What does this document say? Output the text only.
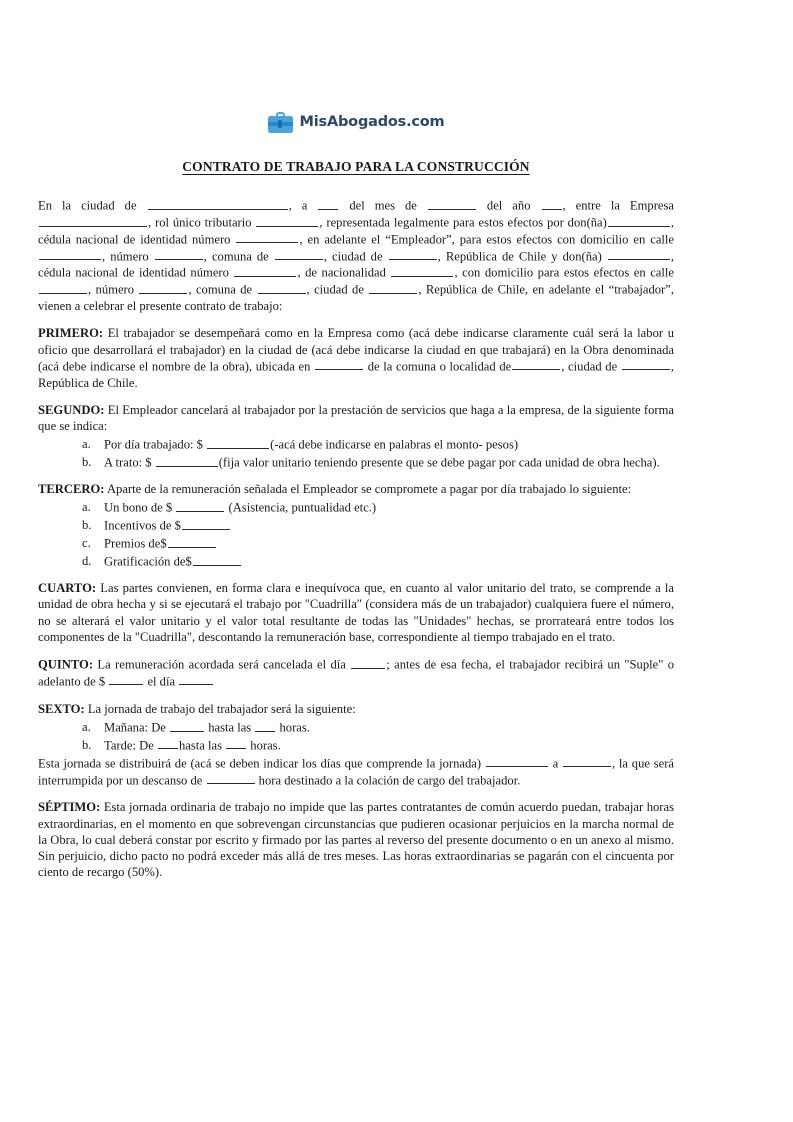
MisAbogados.com
CONTRATO DE TRABAJO PARA LA CONSTRUCCIÓN

En la ciudad de	, a  del mes de	del año , entre la Empresa , rol único tributario	, representada legalmente para estos efectos por don(ña)	, cédula nacional de identidad número	, en adelante el “Empleador”, para estos efectos con domicilio en calle, número	, comuna de	, ciudad de	, República de Chile y don(ña)	, cédula nacional de identidad número	, de nacionalidad	, con domicilio para estos efectos en calle , número	, comuna de	, ciudad de	, República de Chile, en adelante el “trabajador”, vienen a celebrar el presente contrato de trabajo:

PRIMERO: El trabajador se desempeñará como en la Empresa como (acá debe indicarse claramente cuál será la labor u oficio que desarrollará el trabajador) en la ciudad de (acá debe indicarse la ciudad en que trabajará) en la Obra denominada (acá debe indicarse el nombre de la obra), ubicada en	de la comuna o localidad de	, ciudad de	, República de Chile.

SEGUNDO: El Empleador cancelará al trabajador por la prestación de servicios que haga a la empresa, de la siguiente forma que se indica:

a.	Por día trabajado: $	(-acá debe indicarse en palabras el monto- pesos)
b. A trato: $	(fija valor unitario teniendo presente que se debe pagar por cada unidad de obra hecha).

TERCERO: Aparte de la remuneración señalada el Empleador se compromete a pagar por día trabajado lo siguiente:

a.	Un bono de $	(Asistencia, puntualidad etc.)
b. Incentivos de $
c.	Premios de$
d. Gratificación de$

CUARTO: Las partes convienen, en forma clara e inequívoca que, en cuanto al valor unitario del trato, se comprende a la unidad de obra hecha y si se ejecutará el trabajo por "Cuadrilla" (considera más de un trabajador) cualquiera fuere el número, no se alterará el valor unitario y el valor total resultante de todas las "Unidades" hechas, se prorrateará entre todos los componentes de la "Cuadrilla", descontando la remuneración base, correspondiente al tiempo trabajado en el trato.

QUINTO: La remuneración acordada será cancelada el día	; antes de esa fecha, el trabajador recibirá un "Suple" o adelanto de $	el día

SEXTO: La jornada de trabajo del trabajador será la siguiente:

a.	Mañana: De	hasta las  horas.
b. Tarde: De hasta las  horas.

Esta jornada se distribuirá de (acá se deben indicar los días que comprende la jornada)	a	, la que será interrumpida por un descanso de	hora destinado a la colación de cargo del trabajador.

SÉPTIMO: Esta jornada ordinaria de trabajo no impide que las partes contratantes de común acuerdo puedan, trabajar horas extraordinarias, en el momento en que sobrevengan circunstancias que pudieren ocasionar perjuicios en la marcha normal de la Obra, lo cual deberá constar por escrito y firmado por las partes al reverso del presente documento o en un anexo al mismo. Sin perjuicio, dicho pacto no podrá exceder más allá de tres meses. Las horas extraordinarias se pagarán con el cincuenta por ciento de recargo (50%).
